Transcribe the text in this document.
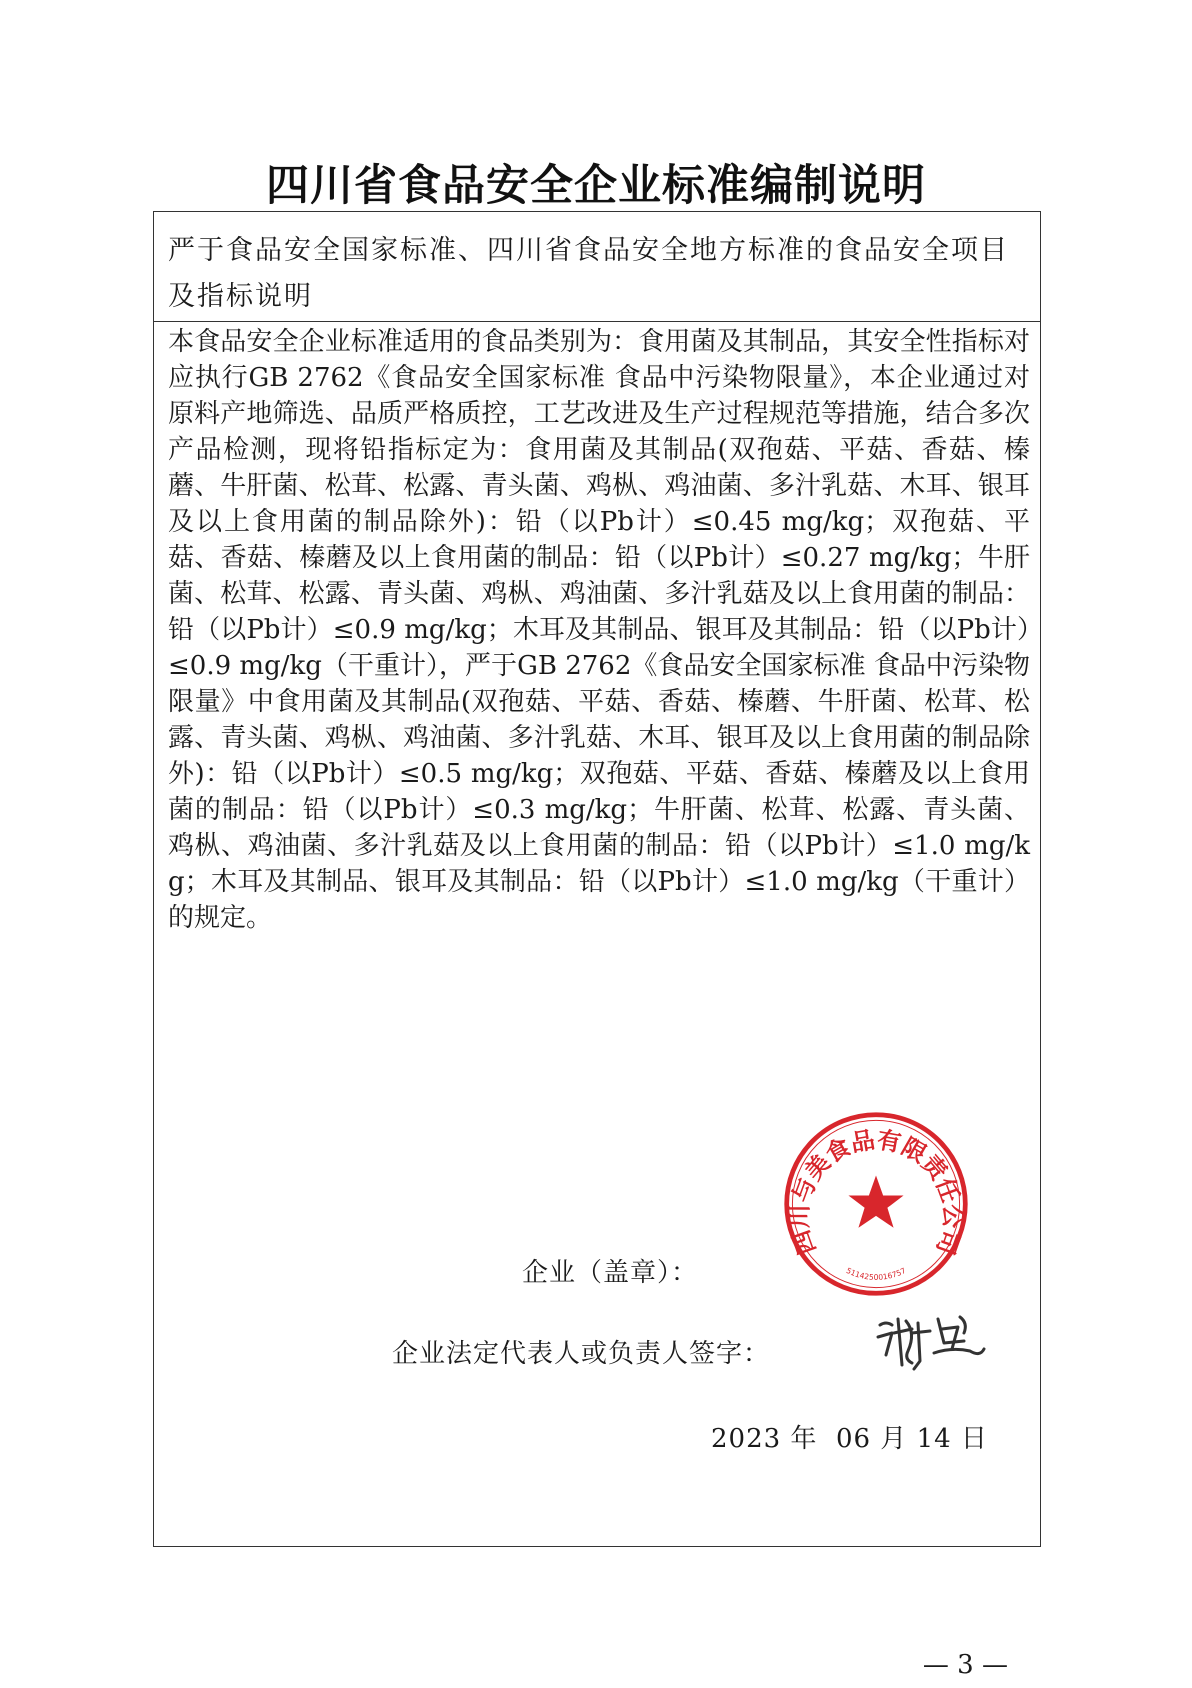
四川省食品安全企业标准编制说明
严于食品安全国家标准、四川省食品安全地方标准的食品安全项目及指标说明
本食品安全企业标准适用的食品类别为：食用菌及其制品，其安全性指标对应执行GB 2762《食品安全国家标准 食品中污染物限量》，本企业通过对原料产地筛选、品质严格质控，工艺改进及生产过程规范等措施，结合多次产品检测，现将铅指标定为：食用菌及其制品(双孢菇、平菇、香菇、榛蘑、牛肝菌、松茸、松露、青头菌、鸡枞、鸡油菌、多汁乳菇、木耳、银耳及以上食用菌的制品除外)：铅（以Pb计）≤0.45 mg/kg；双孢菇、平菇、香菇、榛蘑及以上食用菌的制品：铅（以Pb计）≤0.27 mg/kg；牛肝菌、松茸、松露、青头菌、鸡枞、鸡油菌、多汁乳菇及以上食用菌的制品：铅（以Pb计）≤0.9 mg/kg；木耳及其制品、银耳及其制品：铅（以Pb计）≤0.9 mg/kg（干重计），严于GB 2762《食品安全国家标准 食品中污染物限量》中食用菌及其制品(双孢菇、平菇、香菇、榛蘑、牛肝菌、松茸、松露、青头菌、鸡枞、鸡油菌、多汁乳菇、木耳、银耳及以上食用菌的制品除外)：铅（以Pb计）≤0.5 mg/kg；双孢菇、平菇、香菇、榛蘑及以上食用菌的制品：铅（以Pb计）≤0.3 mg/kg；牛肝菌、松茸、松露、青头菌、鸡枞、鸡油菌、多汁乳菇及以上食用菌的制品：铅（以Pb计）≤1.0 mg/kg；木耳及其制品、银耳及其制品：铅（以Pb计）≤1.0 mg/kg（干重计）的规定。
四川与美食品有限责任公司
5114250016757
企业（盖章）：
企业法定代表人或负责人签字：
2023 年  06 月 14 日
— 3 —
